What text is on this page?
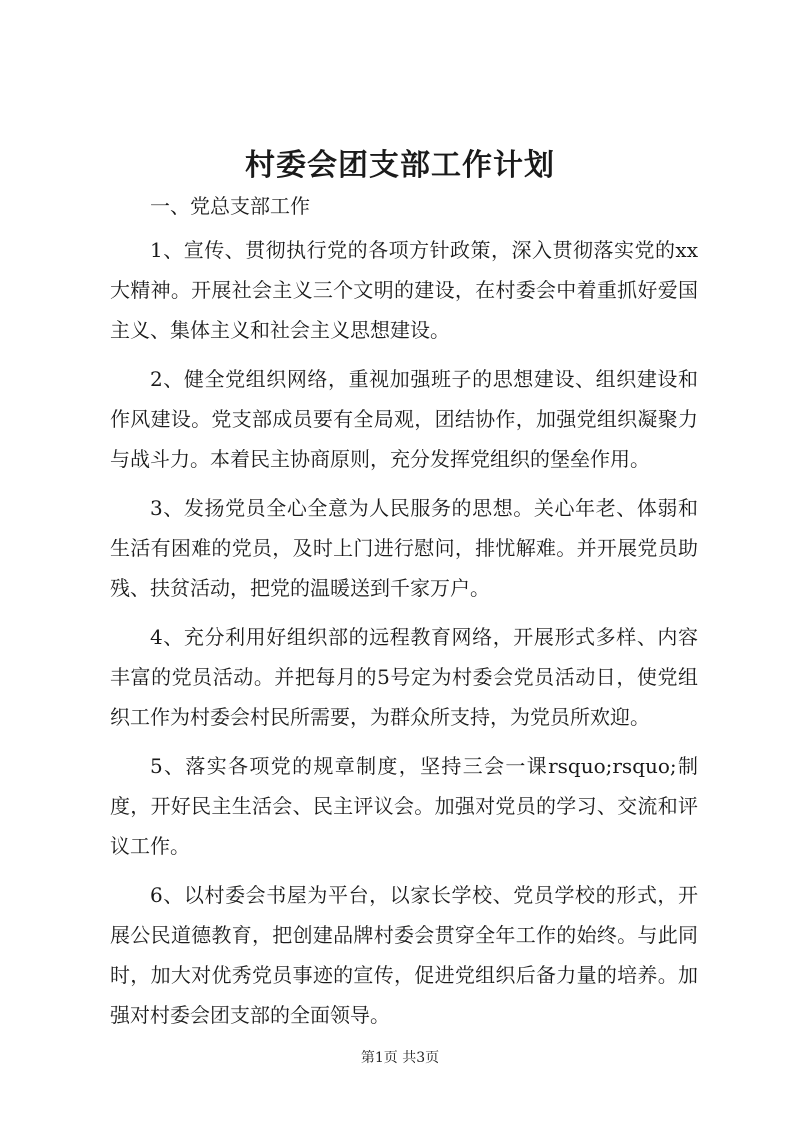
村委会团支部工作计划

一、党总支部工作

1、宣传、贯彻执行党的各项方针政策，深入贯彻落实党的xx大精神。开展社会主义三个文明的建设，在村委会中着重抓好爱国主义、集体主义和社会主义思想建设。

2、健全党组织网络，重视加强班子的思想建设、组织建设和作风建设。党支部成员要有全局观，团结协作，加强党组织凝聚力与战斗力。本着民主协商原则，充分发挥党组织的堡垒作用。

3、发扬党员全心全意为人民服务的思想。关心年老、体弱和生活有困难的党员，及时上门进行慰问，排忧解难。并开展党员助残、扶贫活动，把党的温暖送到千家万户。

4、充分利用好组织部的远程教育网络，开展形式多样、内容丰富的党员活动。并把每月的5号定为村委会党员活动日，使党组织工作为村委会村民所需要，为群众所支持，为党员所欢迎。

5、落实各项党的规章制度，坚持三会一课rsquo;rsquo;制度，开好民主生活会、民主评议会。加强对党员的学习、交流和评议工作。

6、以村委会书屋为平台，以家长学校、党员学校的形式，开展公民道德教育，把创建品牌村委会贯穿全年工作的始终。与此同时，加大对优秀党员事迹的宣传，促进党组织后备力量的培养。加强对村委会团支部的全面领导。

第1页 共3页
